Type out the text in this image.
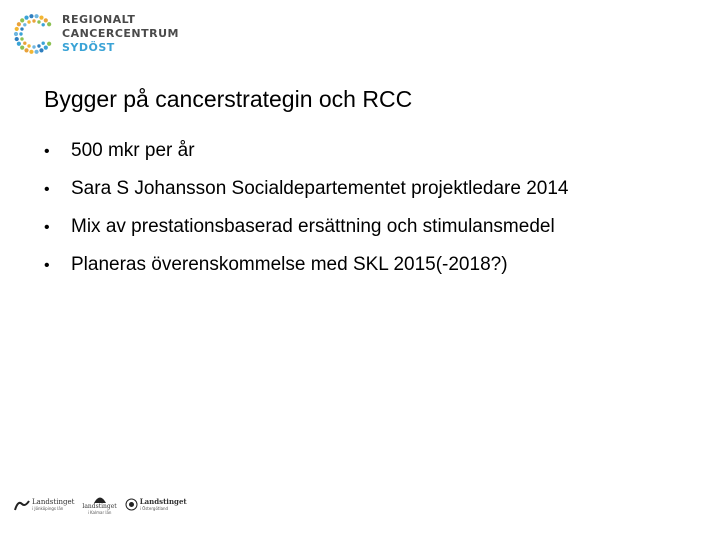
REGIONALT
CANCERCENTRUM
SYDÖST
Bygger på cancerstrategin och RCC
•	500 mkr per år
•	Sara S Johansson Socialdepartementet projektledare 2014
•	Mix av prestationsbaserad ersättning och stimulansmedel
•	Planeras överenskommelse med SKL 2015(-2018?)
Landstinget
i Jönköpings län	landstinget
i Kalmar län
Landstinget
i Östergötland
